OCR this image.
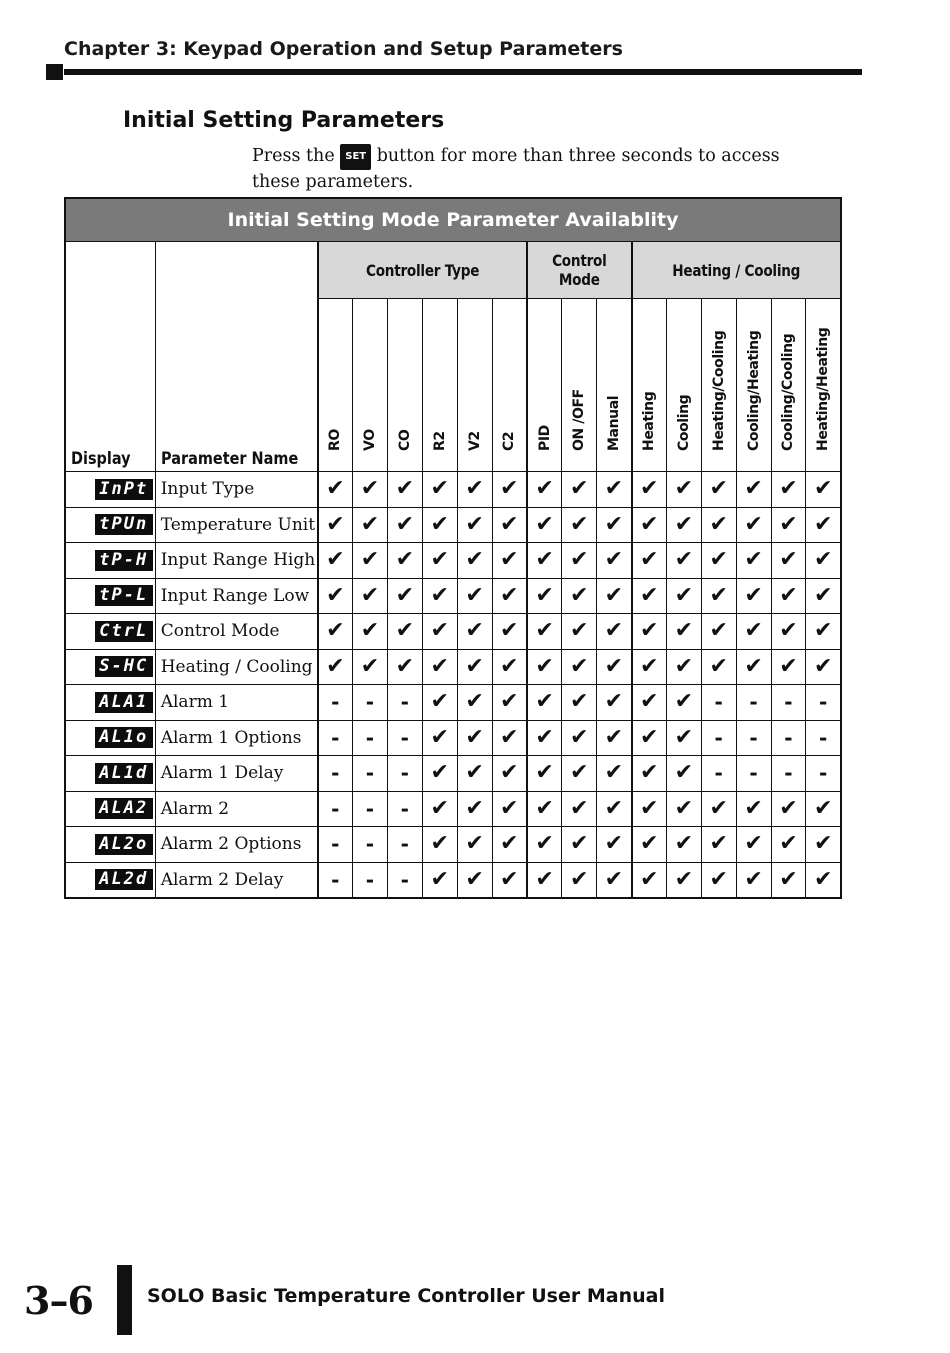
Chapter 3: Keypad Operation and Setup Parameters
Initial Setting Parameters
Press the SET button for more than three seconds to access these parameters.
Initial Setting Mode Parameter Availablity																
Display	Parameter Name	Controller Type						Control Mode			Heating / Cooling					

		RO	VO	CO	R2	V2	C2	PID	ON /OFF	Manual	Heating	Cooling	Heating/Cooling	Cooling/Heating	Cooling/Cooling	Heating/Heating

InPt	Input Type	✔	✔	✔	✔	✔	✔	✔	✔	✔	✔	✔	✔	✔	✔	✔
tPUn	Temperature Unit	✔	✔	✔	✔	✔	✔	✔	✔	✔	✔	✔	✔	✔	✔	✔
tP-H	Input Range High	✔	✔	✔	✔	✔	✔	✔	✔	✔	✔	✔	✔	✔	✔	✔
tP-L	Input Range Low	✔	✔	✔	✔	✔	✔	✔	✔	✔	✔	✔	✔	✔	✔	✔
CtrL	Control Mode	✔	✔	✔	✔	✔	✔	✔	✔	✔	✔	✔	✔	✔	✔	✔
S-HC	Heating / Cooling	✔	✔	✔	✔	✔	✔	✔	✔	✔	✔	✔	✔	✔	✔	✔
ALA1	Alarm 1	-	-	-	✔	✔	✔	✔	✔	✔	✔	✔	-	-	-	-
AL1o	Alarm 1 Options	-	-	-	✔	✔	✔	✔	✔	✔	✔	✔	-	-	-	-
AL1d	Alarm 1 Delay	-	-	-	✔	✔	✔	✔	✔	✔	✔	✔	-	-	-	-
ALA2	Alarm 2	-	-	-	✔	✔	✔	✔	✔	✔	✔	✔	✔	✔	✔	✔
AL2o	Alarm 2 Options	-	-	-	✔	✔	✔	✔	✔	✔	✔	✔	✔	✔	✔	✔
AL2d	Alarm 2 Delay	-	-	-	✔	✔	✔	✔	✔	✔	✔	✔	✔	✔	✔	✔
3–6	SOLO Basic Temperature Controller User Manual
